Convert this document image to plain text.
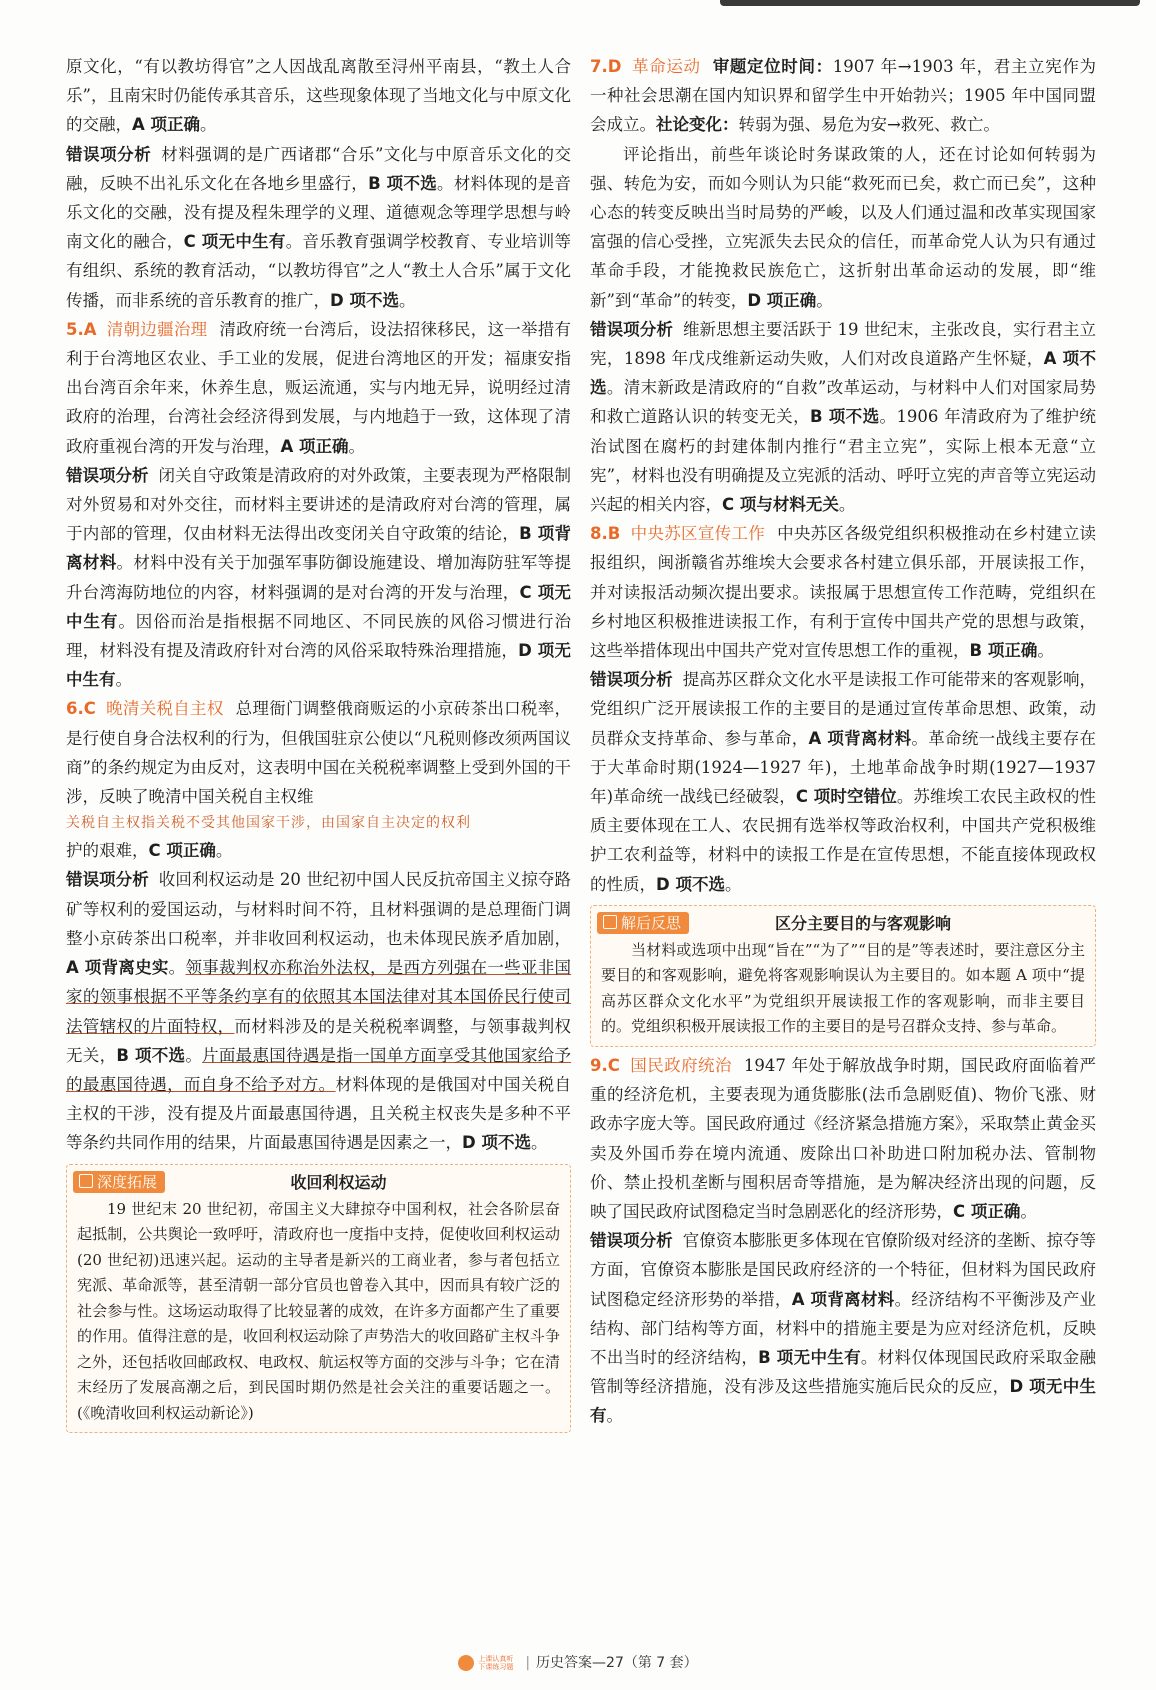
原文化，“有以教坊得官”之人因战乱离散至浔州平南县，“教土人合乐”，且南宋时仍能传承其音乐，这些现象体现了当地文化与中原文化的交融，A 项正确。

错误项分析 材料强调的是广西诸郡“合乐”文化与中原音乐文化的交融，反映不出礼乐文化在各地乡里盛行，B 项不选。材料体现的是音乐文化的交融，没有提及程朱理学的义理、道德观念等理学思想与岭南文化的融合，C 项无中生有。音乐教育强调学校教育、专业培训等有组织、系统的教育活动，“以教坊得官”之人“教土人合乐”属于文化传播，而非系统的音乐教育的推广，D 项不选。

5.A 清朝边疆治理 清政府统一台湾后，设法招徕移民，这一举措有利于台湾地区农业、手工业的发展，促进台湾地区的开发；福康安指出台湾百余年来，休养生息，贩运流通，实与内地无异，说明经过清政府的治理，台湾社会经济得到发展，与内地趋于一致，这体现了清政府重视台湾的开发与治理，A 项正确。

错误项分析 闭关自守政策是清政府的对外政策，主要表现为严格限制对外贸易和对外交往，而材料主要讲述的是清政府对台湾的管理，属于内部的管理，仅由材料无法得出改变闭关自守政策的结论，B 项背离材料。材料中没有关于加强军事防御设施建设、增加海防驻军等提升台湾海防地位的内容，材料强调的是对台湾的开发与治理，C 项无中生有。因俗而治是指根据不同地区、不同民族的风俗习惯进行治理，材料没有提及清政府针对台湾的风俗采取特殊治理措施，D 项无中生有。

6.C 晚清关税自主权 总理衙门调整俄商贩运的小京砖茶出口税率，是行使自身合法权利的行为，但俄国驻京公使以“凡税则修改须两国议商”的条约规定为由反对，这表明中国在关税税率调整上受到外国的干涉，反映了晚清中国关税自主权维
关税自主权指关税不受其他国家干涉，由国家自主决定的权利
护的艰难，C 项正确。

错误项分析 收回利权运动是 20 世纪初中国人民反抗帝国主义掠夺路矿等权利的爱国运动，与材料时间不符，且材料强调的是总理衙门调整小京砖茶出口税率，并非收回利权运动，也未体现民族矛盾加剧，A 项背离史实。领事裁判权亦称治外法权，是西方列强在一些亚非国家的领事根据不平等条约享有的依照其本国法律对其本国侨民行使司法管辖权的片面特权，而材料涉及的是关税税率调整，与领事裁判权无关，B 项不选。片面最惠国待遇是指一国单方面享受其他国家给予的最惠国待遇，而自身不给予对方。材料体现的是俄国对中国关税自主权的干涉，没有提及片面最惠国待遇，且关税主权丧失是多种不平等条约共同作用的结果，片面最惠国待遇是因素之一，D 项不选。

深度拓展	收回利权运动

19 世纪末 20 世纪初，帝国主义大肆掠夺中国利权，社会各阶层奋起抵制，公共舆论一致呼吁，清政府也一度指中支持，促使收回利权运动(20 世纪初)迅速兴起。运动的主导者是新兴的工商业者，参与者包括立宪派、革命派等，甚至清朝一部分官员也曾卷入其中，因而具有较广泛的社会参与性。这场运动取得了比较显著的成效，在许多方面都产生了重要的作用。值得注意的是，收回利权运动除了声势浩大的收回路矿主权斗争之外，还包括收回邮政权、电政权、航运权等方面的交涉与斗争；它在清末经历了发展高潮之后，到民国时期仍然是社会关注的重要话题之一。(《晚清收回利权运动新论》)

7.D 革命运动 审题定位时间：1907 年→1903 年，君主立宪作为一种社会思潮在国内知识界和留学生中开始勃兴；1905 年中国同盟会成立。社论变化：转弱为强、易危为安→救死、救亡。

评论指出，前些年谈论时务谋政策的人，还在讨论如何转弱为强、转危为安，而如今则认为只能“救死而已矣，救亡而已矣”，这种心态的转变反映出当时局势的严峻，以及人们通过温和改革实现国家富强的信心受挫，立宪派失去民众的信任，而革命党人认为只有通过革命手段，才能挽救民族危亡，这折射出革命运动的发展，即“维新”到“革命”的转变，D 项正确。

错误项分析 维新思想主要活跃于 19 世纪末，主张改良，实行君主立宪，1898 年戊戌维新运动失败，人们对改良道路产生怀疑，A 项不选。清末新政是清政府的“自救”改革运动，与材料中人们对国家局势和救亡道路认识的转变无关，B 项不选。1906 年清政府为了维护统治试图在腐朽的封建体制内推行“君主立宪”，实际上根本无意“立宪”，材料也没有明确提及立宪派的活动、呼吁立宪的声音等立宪运动兴起的相关内容，C 项与材料无关。

8.B 中央苏区宣传工作 中央苏区各级党组织积极推动在乡村建立读报组织，闽浙赣省苏维埃大会要求各村建立俱乐部，开展读报工作，并对读报活动频次提出要求。读报属于思想宣传工作范畴，党组织在乡村地区积极推进读报工作，有利于宣传中国共产党的思想与政策，这些举措体现出中国共产党对宣传思想工作的重视，B 项正确。

错误项分析 提高苏区群众文化水平是读报工作可能带来的客观影响，党组织广泛开展读报工作的主要目的是通过宣传革命思想、政策，动员群众支持革命、参与革命，A 项背离材料。革命统一战线主要存在于大革命时期(1924—1927 年)，土地革命战争时期(1927—1937 年)革命统一战线已经破裂，C 项时空错位。苏维埃工农民主政权的性质主要体现在工人、农民拥有选举权等政治权利，中国共产党积极维护工农利益等，材料中的读报工作是在宣传思想，不能直接体现政权的性质，D 项不选。

解后反思	区分主要目的与客观影响

当材料或选项中出现“旨在”“为了”“目的是”等表述时，要注意区分主要目的和客观影响，避免将客观影响误认为主要目的。如本题 A 项中“提高苏区群众文化水平”为党组织开展读报工作的客观影响，而非主要目的。党组织积极开展读报工作的主要目的是号召群众支持、参与革命。

9.C 国民政府统治 1947 年处于解放战争时期，国民政府面临着严重的经济危机，主要表现为通货膨胀(法币急剧贬值)、物价飞涨、财政赤字庞大等。国民政府通过《经济紧急措施方案》，采取禁止黄金买卖及外国币券在境内流通、废除出口补助进口附加税办法、管制物价、禁止投机垄断与囤积居奇等措施，是为解决经济出现的问题，反映了国民政府试图稳定当时急剧恶化的经济形势，C 项正确。

错误项分析 官僚资本膨胀更多体现在官僚阶级对经济的垄断、掠夺等方面，官僚资本膨胀是国民政府经济的一个特征，但材料为国民政府试图稳定经济形势的举措，A 项背离材料。经济结构不平衡涉及产业结构、部门结构等方面，材料中的措施主要是为应对经济危机，反映不出当时的经济结构，B 项无中生有。材料仅体现国民政府采取金融管制等经济措施，没有涉及这些措施实施后民众的反应，D 项无中生有。

上课认真听
下课练习题 | 历史答案—27（第 7 套）
